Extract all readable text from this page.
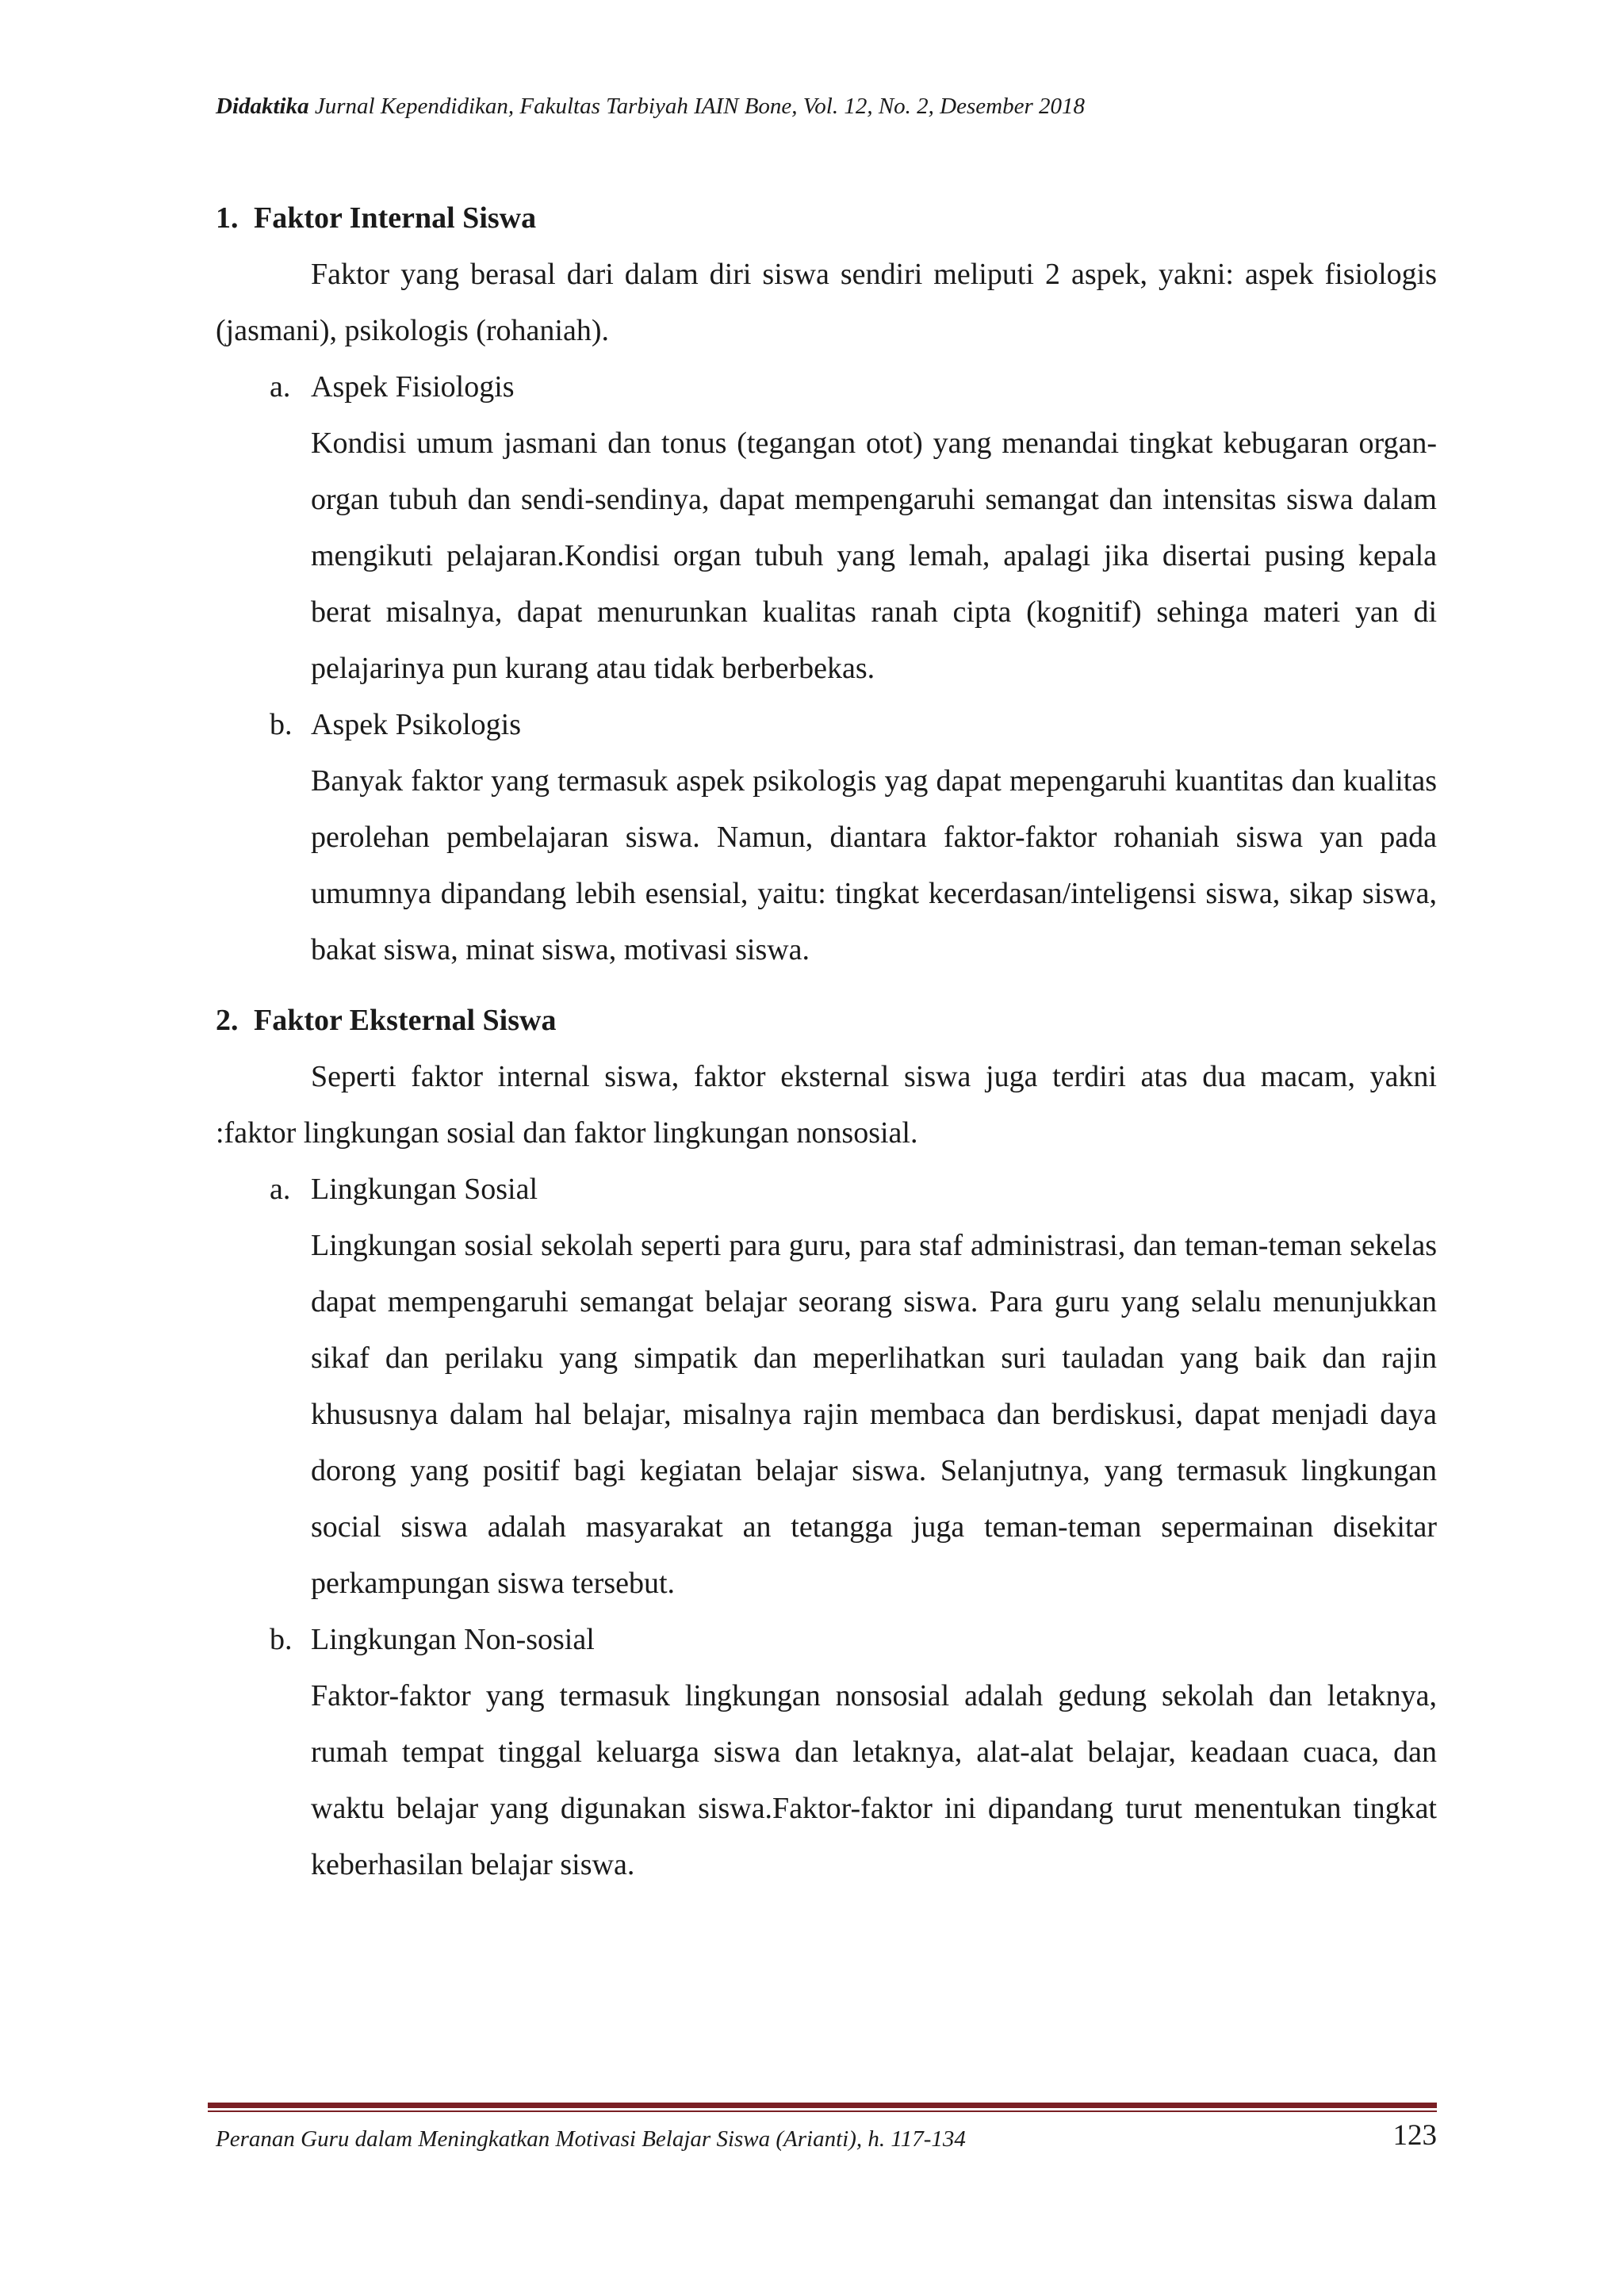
Didaktika Jurnal Kependidikan, Fakultas Tarbiyah IAIN Bone, Vol. 12, No. 2, Desember 2018

1. Faktor Internal Siswa

Faktor yang berasal dari dalam diri siswa sendiri meliputi 2 aspek, yakni: aspek fisiologis (jasmani), psikologis (rohaniah).

a. Aspek Fisiologis

Kondisi umum jasmani dan tonus (tegangan otot) yang menandai tingkat kebugaran organ-organ tubuh dan sendi-sendinya, dapat mempengaruhi semangat dan intensitas siswa dalam mengikuti pelajaran.Kondisi organ tubuh yang lemah, apalagi jika disertai pusing kepala berat misalnya, dapat menurunkan kualitas ranah cipta (kognitif) sehinga materi yan di pelajarinya pun kurang atau tidak berberbekas.

b. Aspek Psikologis

Banyak faktor yang termasuk aspek psikologis yag dapat mepengaruhi kuantitas dan kualitas perolehan pembelajaran siswa. Namun, diantara faktor-faktor rohaniah siswa yan pada umumnya dipandang lebih esensial, yaitu: tingkat kecerdasan/inteligensi siswa, sikap siswa, bakat siswa, minat siswa, motivasi siswa.

2. Faktor Eksternal Siswa

Seperti faktor internal siswa, faktor eksternal siswa juga terdiri atas dua macam, yakni :faktor lingkungan sosial dan faktor lingkungan nonsosial.

a. Lingkungan Sosial

Lingkungan sosial sekolah seperti para guru, para staf administrasi, dan teman-teman sekelas dapat mempengaruhi semangat belajar seorang siswa. Para guru yang selalu menunjukkan sikaf dan perilaku yang simpatik dan meperlihatkan suri tauladan yang baik dan rajin khususnya dalam hal belajar, misalnya rajin membaca dan berdiskusi, dapat menjadi daya dorong yang positif bagi kegiatan belajar siswa. Selanjutnya, yang termasuk lingkungan social siswa adalah masyarakat an tetangga juga teman-teman sepermainan disekitar perkampungan siswa tersebut.

b. Lingkungan Non-sosial

Faktor-faktor yang termasuk lingkungan nonsosial adalah gedung sekolah dan letaknya, rumah tempat tinggal keluarga siswa dan letaknya, alat-alat belajar, keadaan cuaca, dan waktu belajar yang digunakan siswa.Faktor-faktor ini dipandang turut menentukan tingkat keberhasilan belajar siswa.

Peranan Guru dalam Meningkatkan Motivasi Belajar Siswa (Arianti), h. 117-134	123
